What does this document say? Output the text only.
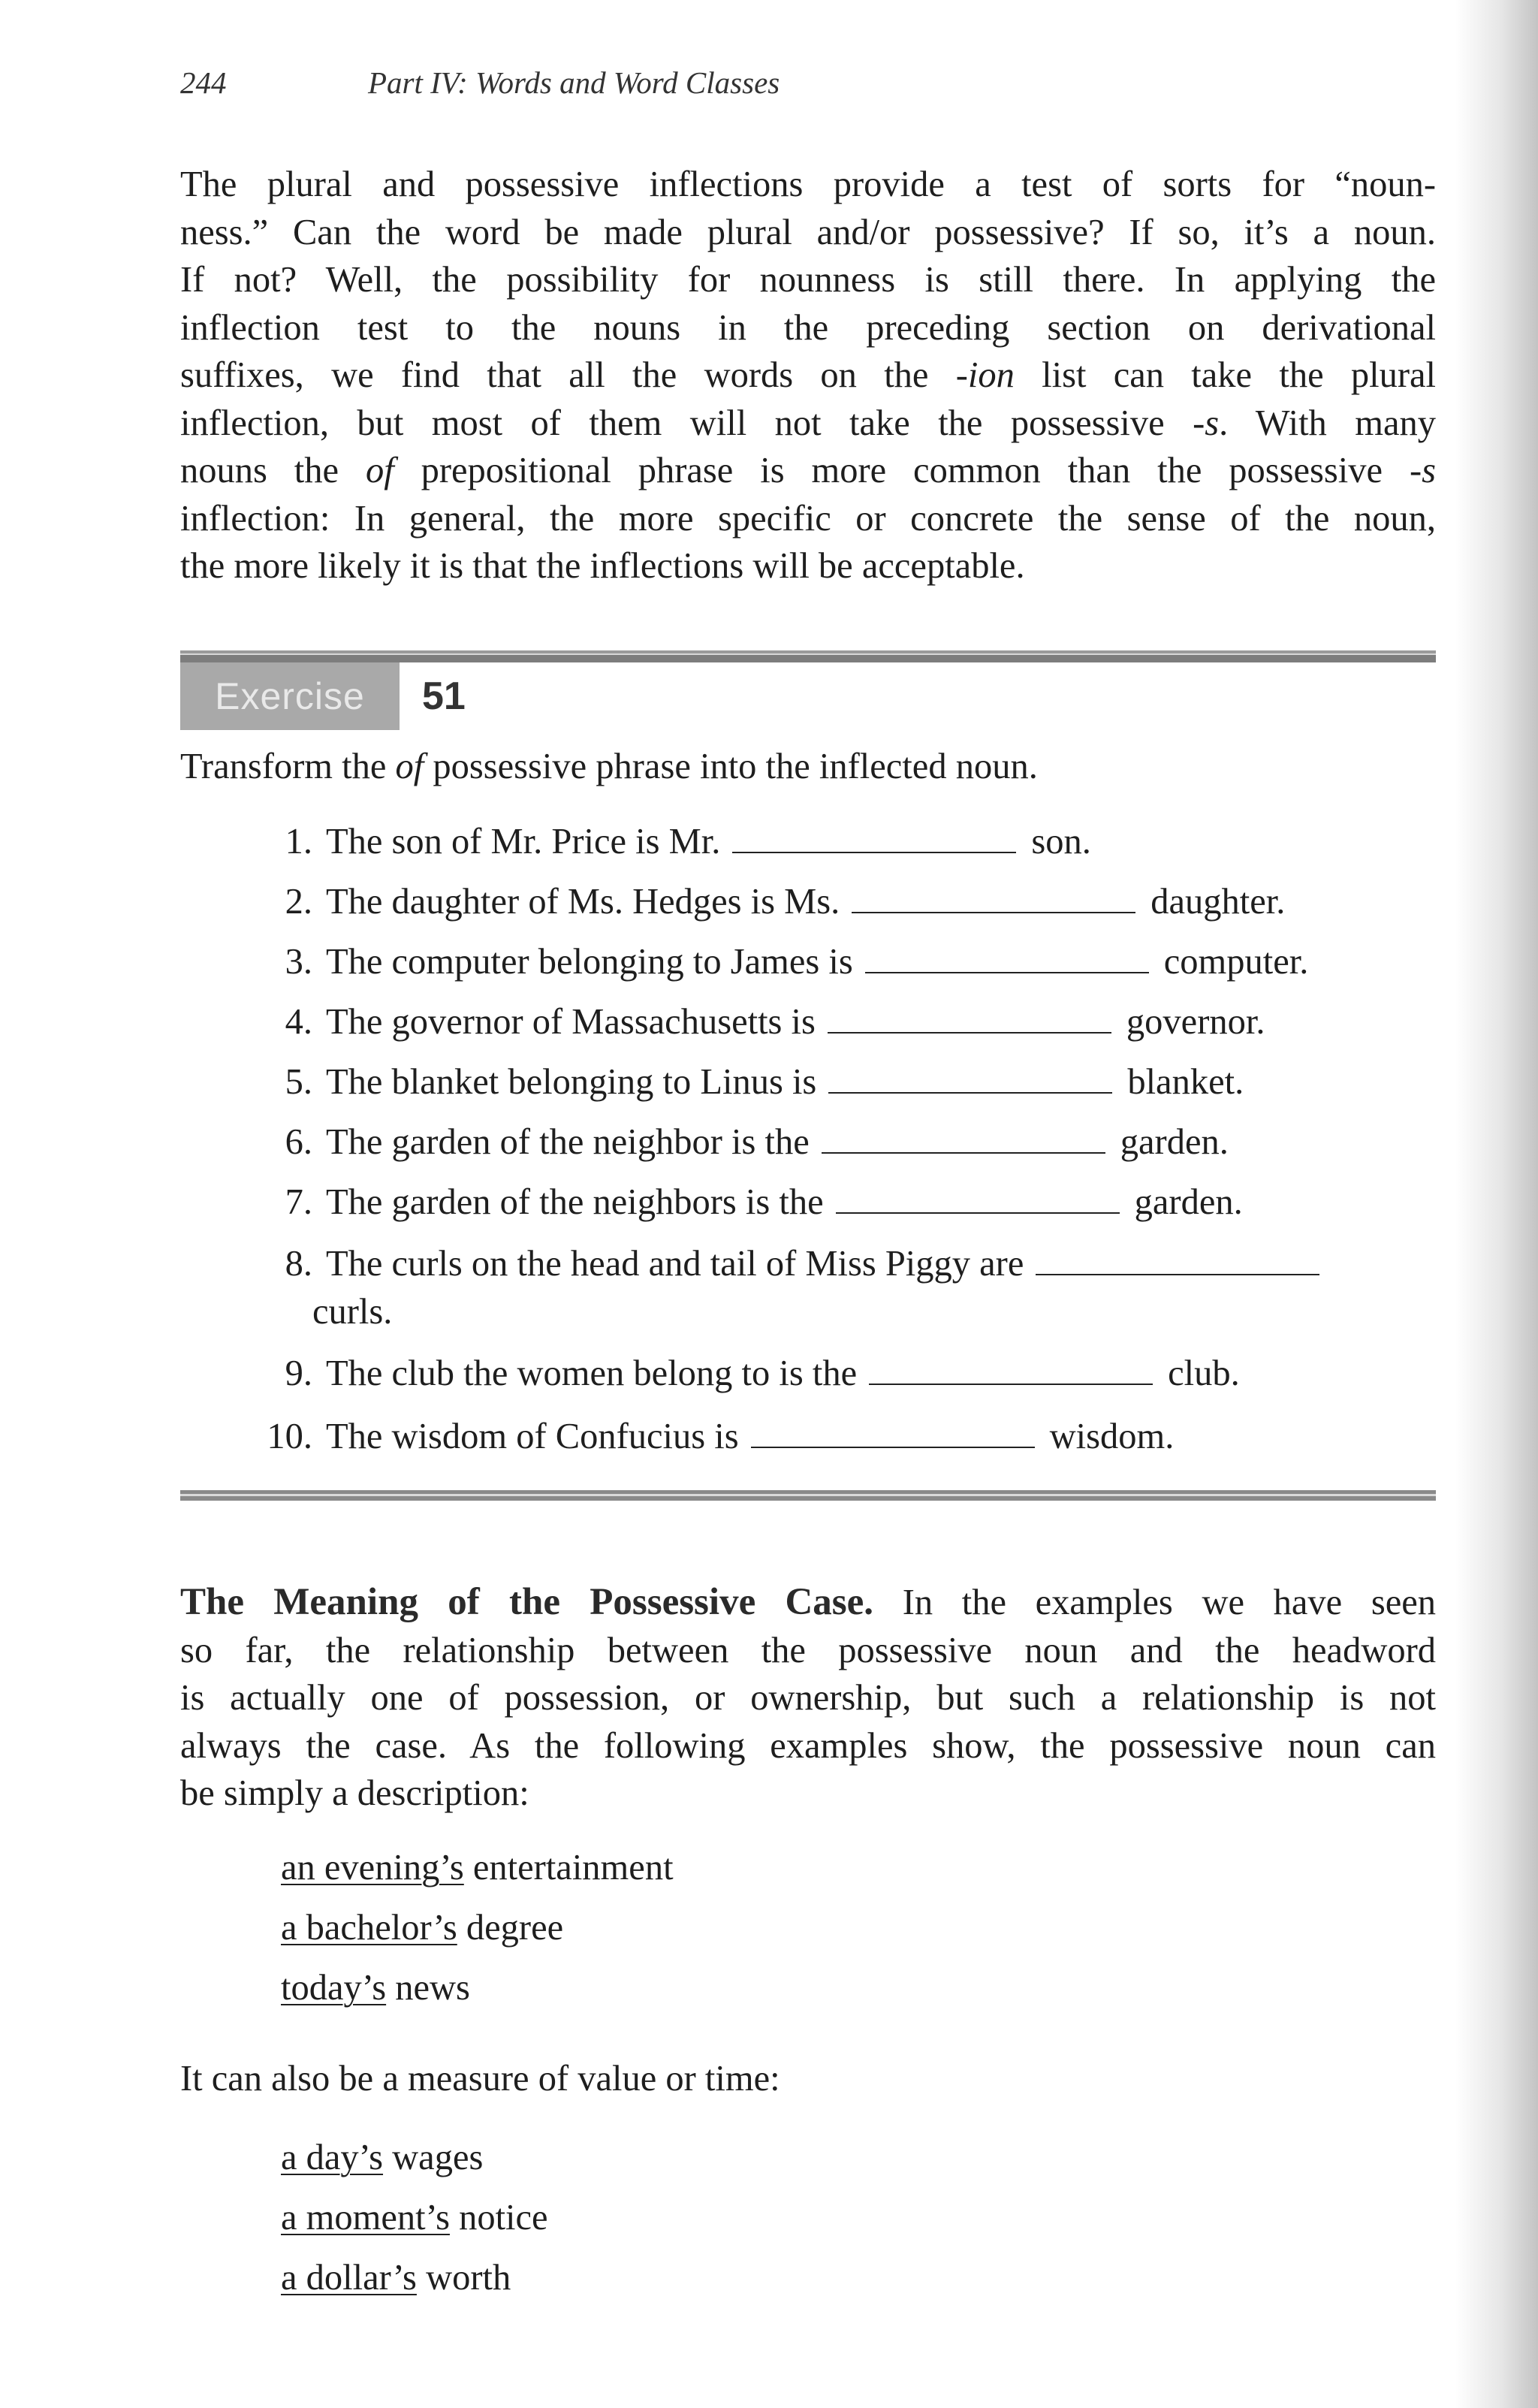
244	Part IV: Words and Word Classes
The plural and possessive inflections provide a test of sorts for “noun-
ness.” Can the word be made plural and/or possessive? If so, it’s a noun.
If not? Well, the possibility for nounness is still there. In applying the
inflection test to the nouns in the preceding section on derivational
suffixes, we find that all the words on the -ion list can take the plural
inflection, but most of them will not take the possessive -s. With many
nouns the of prepositional phrase is more common than the possessive -s
inflection: In general, the more specific or concrete the sense of the noun,
the more likely it is that the inflections will be acceptable.
Exercise	51
Transform the of possessive phrase into the inflected noun.
1. The son of Mr. Price is Mr.	son.
2. The daughter of Ms. Hedges is Ms.	daughter.
3. The computer belonging to James is	computer.
4. The governor of Massachusetts is	governor.
5. The blanket belonging to Linus is	blanket.
6. The garden of the neighbor is the	garden.
7. The garden of the neighbors is the	garden.
8. The curls on the head and tail of Miss Piggy are
curls.
9. The club the women belong to is the	club.
10. The wisdom of Confucius is	wisdom.
The Meaning of the Possessive Case. In the examples we have seen
so far, the relationship between the possessive noun and the headword
is actually one of possession, or ownership, but such a relationship is not
always the case. As the following examples show, the possessive noun can
be simply a description:
an evening’s entertainment
a bachelor’s degree
today’s news
It can also be a measure of value or time:
a day’s wages
a moment’s notice
a dollar’s worth
